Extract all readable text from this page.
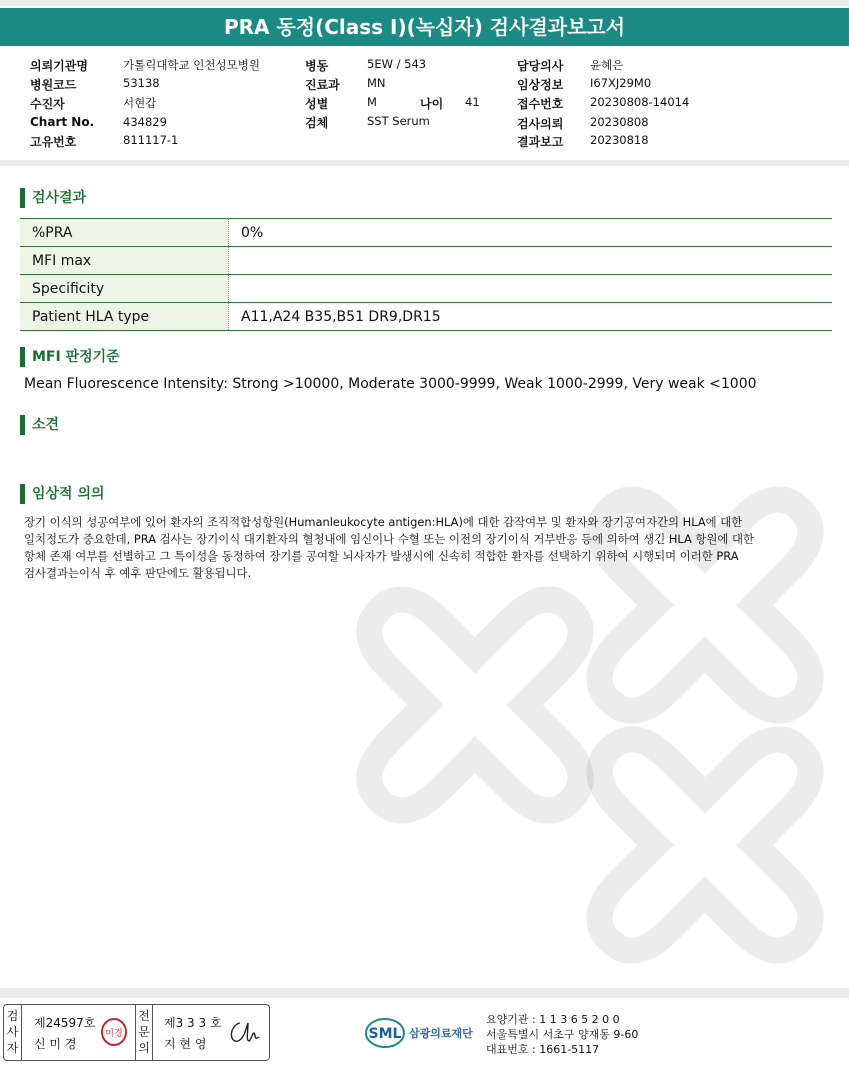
PRA 동정(Class I)(녹십자) 검사결과보고서
의뢰기관명	가톨릭대학교 인천성모병원
병원코드	53138
수진자	서현갑
Chart No.	434829
고유번호	811117-1
병동	5EW / 543
진료과 MN
성별	M	나이 41
검체	SST Serum
담당의사 윤혜은
임상정보 I67XJ29M0
접수번호 20230808-14014
검사의뢰 20230808
결과보고 20230818
검사결과
%PRA	0%
MFI max	
Specificity	
Patient HLA type	A11,A24 B35,B51 DR9,DR15
MFI 판정기준
Mean Fluorescence Intensity: Strong >10000, Moderate 3000-9999, Weak 1000-2999, Very weak <1000
소견
임상적 의의
장기 이식의 성공여부에 있어 환자의 조직적합성항원(Humanleukocyte antigen:HLA)에 대한 감작여부 및 환자와 장기공여자간의 HLA에 대한
일치정도가 중요한데, PRA 검사는 장기이식 대기환자의 혈청내에 임신이나 수혈 또는 이전의 장기이식 거부반응 등에 의하여 생긴 HLA 항원에 대한
항체 존재 여부를 선별하고 그 특이성을 동정하여 장기를 공여할 뇌사자가 발생시에 신속히 적합한 환자를 선택하기 위하여 시행되며 이러한 PRA
검사결과는이식 후 예후 판단에도 활용됩니다.
검
사
자
제24597호
신 미 경
미경
전
문
의
제3 3 3 호
지 현 영
SML 삼광의료재단
요양기관 : 1 1 3 6 5 2 0 0
서울특별시 서초구 양재동 9-60
대표번호 : 1661-5117
